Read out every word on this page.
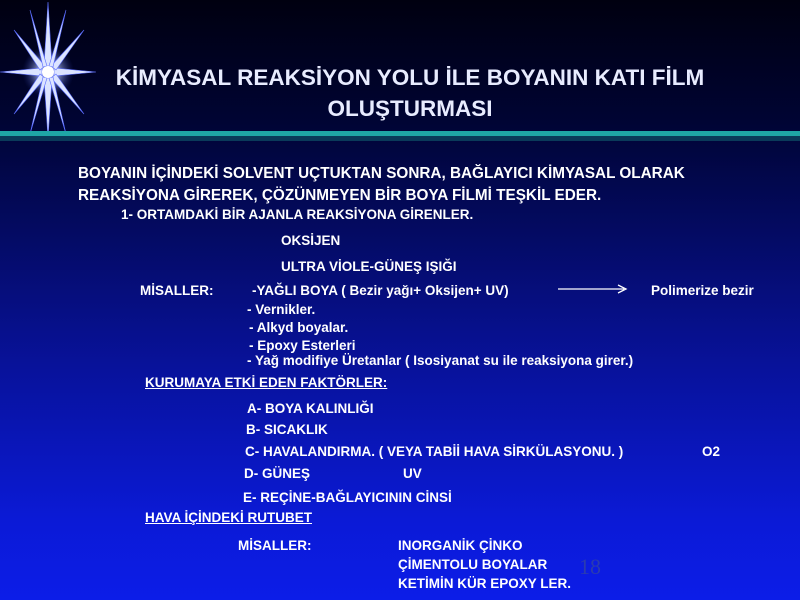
KİMYASAL REAKSİYON YOLU İLE BOYANIN KATI FİLM OLUŞTURMASI
BOYANIN İÇİNDEKİ SOLVENT UÇTUKTAN SONRA, BAĞLAYICI KİMYASAL OLARAK
REAKSİYONA GİREREK, ÇÖZÜNMEYEN BİR BOYA FİLMİ TEŞKİL EDER.
1- ORTAMDAKİ BİR AJANLA REAKSİYONA GİRENLER.
OKSİJEN
ULTRA VİOLE-GÜNEŞ IŞIĞI
MİSALLER:	-YAĞLI BOYA ( Bezir yağı+ Oksijen+ UV)	Polimerize bezir
- Vernikler.
- Alkyd boyalar.
- Epoxy Esterleri
- Yağ modifiye Üretanlar ( Isosiyanat su ile reaksiyona girer.)
KURUMAYA ETKİ EDEN FAKTÖRLER:
A- BOYA KALINLIĞI
B- SICAKLIK
C- HAVALANDIRMA. ( VEYA TABİİ HAVA SİRKÜLASYONU. )	O2
D- GÜNEŞ	UV
E- REÇİNE-BAĞLAYICININ CİNSİ
HAVA İÇİNDEKİ RUTUBET
MİSALLER:	INORGANİK ÇİNKO
ÇİMENTOLU BOYALAR
KETİMİN KÜR EPOXY LER.
18
